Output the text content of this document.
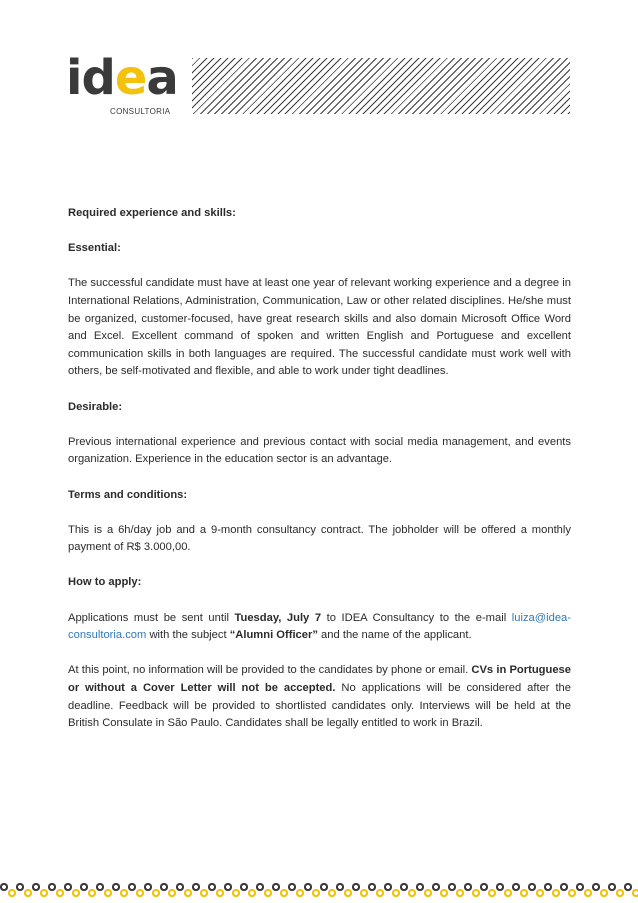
idea
CONSULTORIA

Required experience and skills:

Essential:

The successful candidate must have at least one year of relevant working experience and a degree in International Relations, Administration, Communication, Law or other related disciplines. He/she must be organized, customer-focused, have great research skills and also domain Microsoft Office Word and Excel. Excellent command of spoken and written English and Portuguese and excellent communication skills in both languages are required. The successful candidate must work well with others, be self-motivated and flexible, and able to work under tight deadlines.

Desirable:

Previous international experience and previous contact with social media management, and events organization. Experience in the education sector is an advantage.

Terms and conditions:

This is a 6h/day job and a 9-month consultancy contract. The jobholder will be offered a monthly payment of R$ 3.000,00.

How to apply:

Applications must be sent until Tuesday, July 7 to IDEA Consultancy to the e-mail luiza@idea-consultoria.com with the subject “Alumni Officer” and the name of the applicant.

At this point, no information will be provided to the candidates by phone or email. CVs in Portuguese or without a Cover Letter will not be accepted. No applications will be considered after the deadline. Feedback will be provided to shortlisted candidates only. Interviews will be held at the British Consulate in São Paulo. Candidates shall be legally entitled to work in Brazil.
